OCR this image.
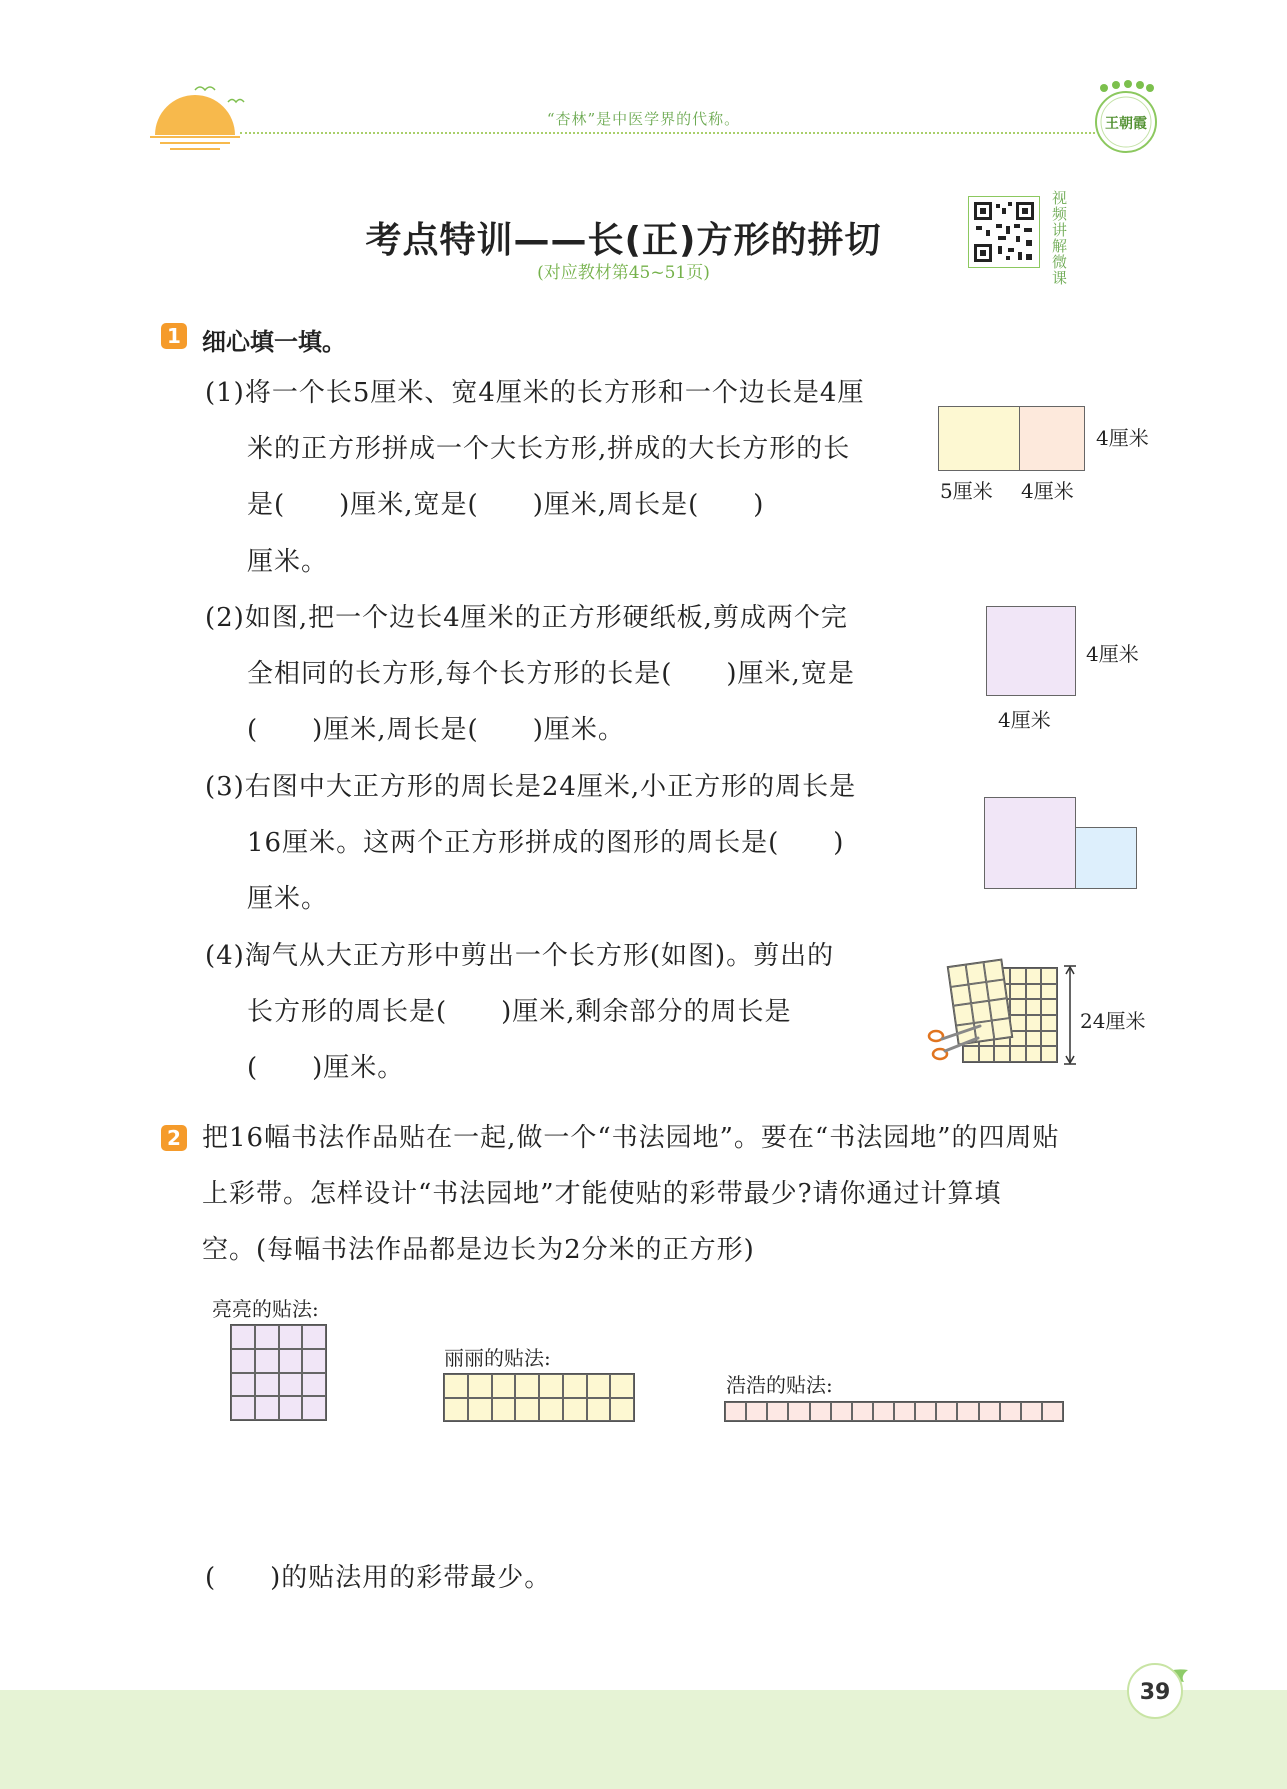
“杏林”是中医学界的代称。	王朝霞
考点特训——长(正)方形的拼切
(对应教材第45~51页)
视频讲解微课
1 细心填一填。
(1)将一个长5厘米、宽4厘米的长方形和一个边长是4厘
米的正方形拼成一个大长方形,拼成的大长方形的长
是(　　)厘米,宽是(　　)厘米,周长是(　　)
厘米。
4厘米
5厘米 4厘米
(2)如图,把一个边长4厘米的正方形硬纸板,剪成两个完
全相同的长方形,每个长方形的长是(　　)厘米,宽是
(　　)厘米,周长是(　　)厘米。
4厘米
4厘米
(3)右图中大正方形的周长是24厘米,小正方形的周长是
16厘米。这两个正方形拼成的图形的周长是(　　)
厘米。
(4)淘气从大正方形中剪出一个长方形(如图)。剪出的
长方形的周长是(　　)厘米,剩余部分的周长是
(　　)厘米。
24厘米
2 把16幅书法作品贴在一起,做一个“书法园地”。要在“书法园地”的四周贴
上彩带。怎样设计“书法园地”才能使贴的彩带最少?请你通过计算填
空。(每幅书法作品都是边长为2分米的正方形)
亮亮的贴法:
丽丽的贴法:
浩浩的贴法:
(　　)的贴法用的彩带最少。
39
